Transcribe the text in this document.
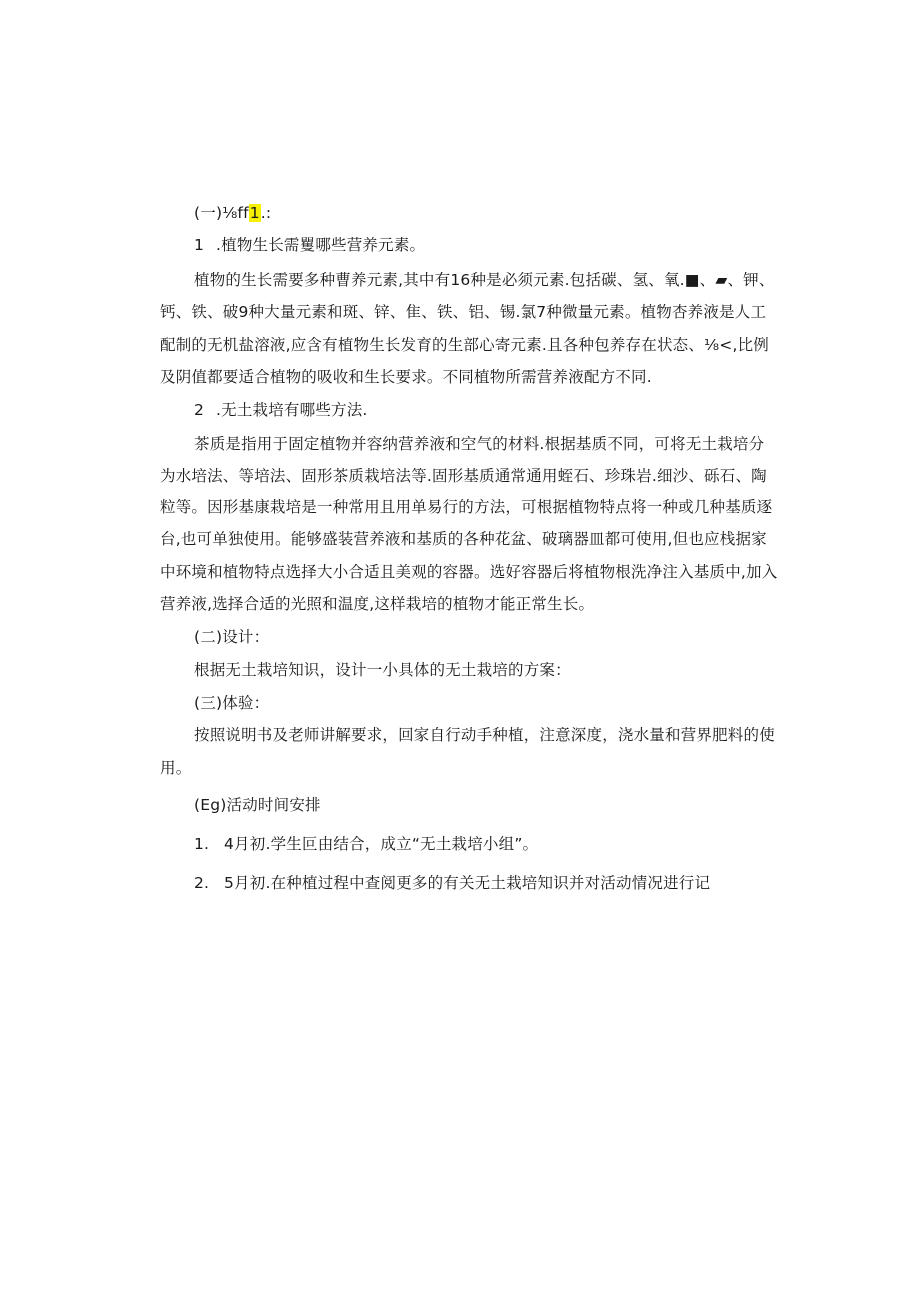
(一)⅛ff1.:
1 .植物生长需矍哪些营养元素。
植物的生长需要多种曹养元素,其中有16种是必须元素.包括碳、氢、氧.■、▰、钾、
钙、铁、破9种大量元素和斑、锌、隹、铁、铝、锡.氯7种微量元素。植物杏养液是人工
配制的无机盐溶液,应含有植物生长发育的生部心寄元素.且各种包养存在状态、⅛<,比例
及阴值都要适合植物的吸收和生长要求。不同植物所需营养液配方不同.
2 .无土栽培有哪些方法.
茶质是指用于固定植物并容纳营养液和空气的材料.根据基质不同，可将无土栽培分
为水培法、等培法、固形茶质栽培法等.固形基质通常通用蛭石、珍珠岩.细沙、砾石、陶
粒等。因形基康栽培是一种常用且用单易行的方法，可根据植物特点将一种或几种基质逐
台,也可单独使用。能够盛装营养液和基质的各种花盆、破璃器皿都可使用,但也应栈据家
中环境和植物特点选择大小合适且美观的容器。选好容器后将植物根洗净注入基质中,加入
营养液,选择合适的光照和温度,这样栽培的植物才能正常生长。
(二)设计：
根据无土栽培知识，设计一小具体的无土栽培的方案：
(三)体验：
按照说明书及老师讲解要求，回家自行动手种植，注意深度，浇水量和营界肥料的使
用。
(Eg)活动时间安排
1. 4月初.学生叵由结合，成立“无土栽培小组”。
2. 5月初.在种植过程中查阅更多的有关无土栽培知识并对活动情况进行记
